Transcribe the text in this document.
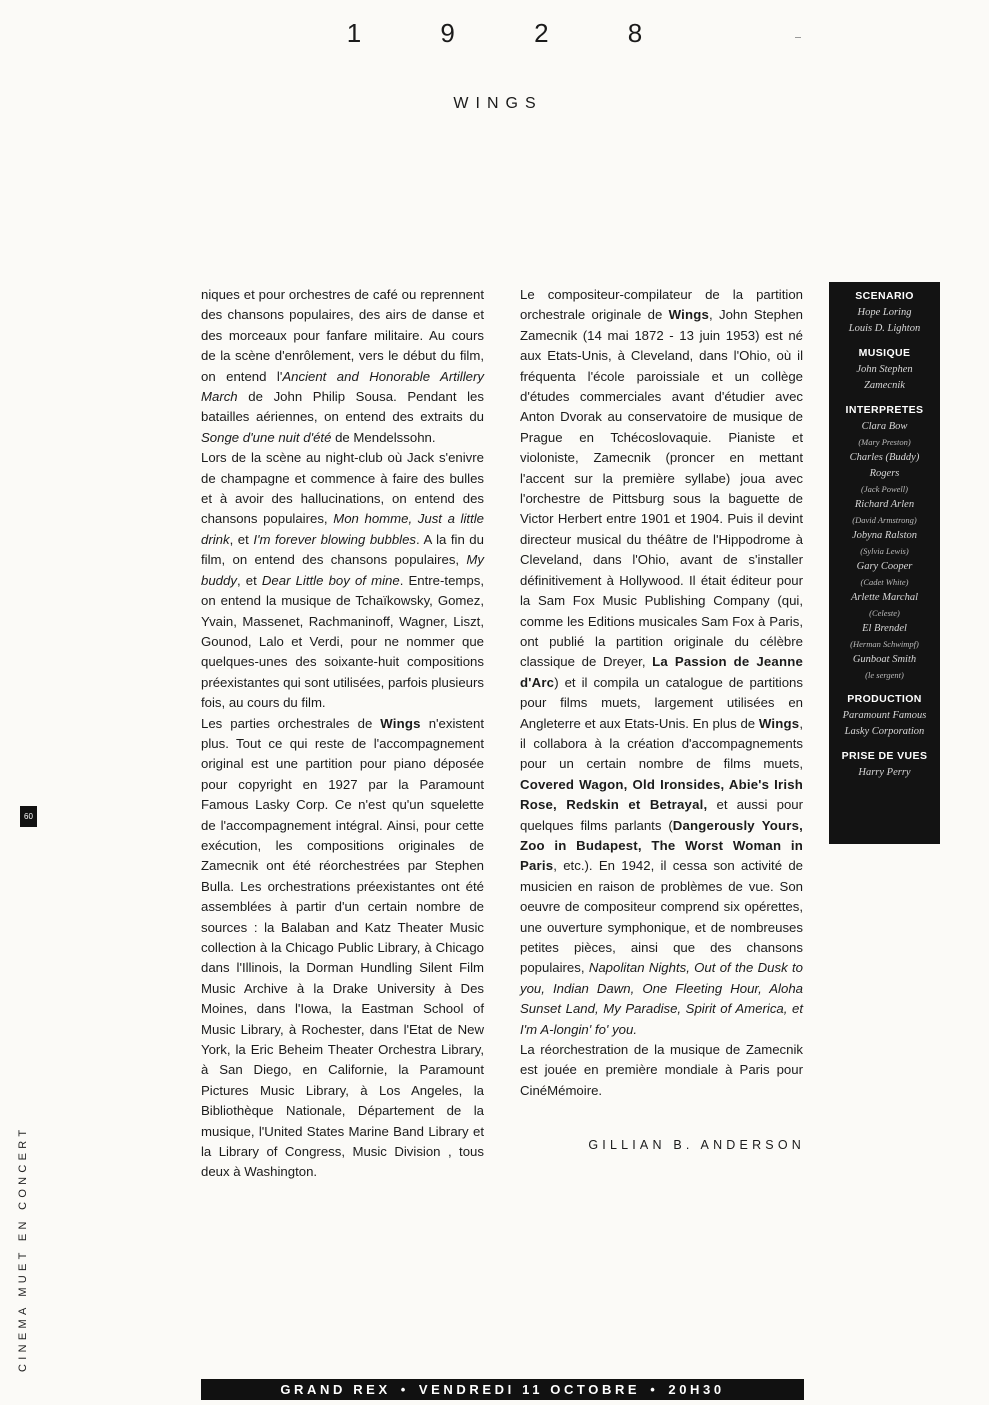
1 9 2 8
WINGS

niques et pour orchestres de café ou reprennent des chansons populaires, des airs de danse et des morceaux pour fanfare militaire. Au cours de la scène d'enrôlement, vers le début du film, on entend l'Ancient and Honorable Artillery March de John Philip Sousa. Pendant les batailles aériennes, on entend des extraits du Songe d'une nuit d'été de Mendelssohn.

Lors de la scène au night-club où Jack s'enivre de champagne et commence à faire des bulles et à avoir des hallucinations, on entend des chansons populaires, Mon homme, Just a little drink, et I'm forever blowing bubbles. A la fin du film, on entend des chansons populaires, My buddy, et Dear Little boy of mine. Entre-temps, on entend la musique de Tchaïkowsky, Gomez, Yvain, Massenet, Rachmaninoff, Wagner, Liszt, Gounod, Lalo et Verdi, pour ne nommer que quelques-unes des soixante-huit compositions préexistantes qui sont utilisées, parfois plusieurs fois, au cours du film.

Les parties orchestrales de Wings n'existent plus. Tout ce qui reste de l'accompagnement original est une partition pour piano déposée pour copyright en 1927 par la Paramount Famous Lasky Corp. Ce n'est qu'un squelette de l'accompagnement intégral. Ainsi, pour cette exécution, les compositions originales de Zamecnik ont été réorchestrées par Stephen Bulla. Les orchestrations préexistantes ont été assemblées à partir d'un certain nombre de sources : la Balaban and Katz Theater Music collection à la Chicago Public Library, à Chicago dans l'Illinois, la Dorman Hundling Silent Film Music Archive à la Drake University à Des Moines, dans l'Iowa, la Eastman School of Music Library, à Rochester, dans l'Etat de New York, la Eric Beheim Theater Orchestra Library, à San Diego, en Californie, la Paramount Pictures Music Library, à Los Angeles, la Bibliothèque Nationale, Département de la musique, l'United States Marine Band Library et la Library of Congress, Music Division , tous deux à Washington.

Le compositeur-compilateur de la partition orchestrale originale de Wings, John Stephen Zamecnik (14 mai 1872 - 13 juin 1953) est né aux Etats-Unis, à Cleveland, dans l'Ohio, où il fréquenta l'école paroissiale et un collège d'études commerciales avant d'étudier avec Anton Dvorak au conservatoire de musique de Prague en Tchécoslovaquie. Pianiste et violoniste, Zamecnik (proncer en mettant l'accent sur la première syllabe) joua avec l'orchestre de Pittsburg sous la baguette de Victor Herbert entre 1901 et 1904. Puis il devint directeur musical du théâtre de l'Hippodrome à Cleveland, dans l'Ohio, avant de s'installer définitivement à Hollywood. Il était éditeur pour la Sam Fox Music Publishing Company (qui, comme les Editions musicales Sam Fox à Paris, ont publié la partition originale du célèbre classique de Dreyer, La Passion de Jeanne d'Arc) et il compila un catalogue de partitions pour films muets, largement utilisées en Angleterre et aux Etats-Unis. En plus de Wings, il collabora à la création d'accompagnements pour un certain nombre de films muets, Covered Wagon, Old Ironsides, Abie's Irish Rose, Redskin et Betrayal, et aussi pour quelques films parlants (Dangerously Yours, Zoo in Budapest, The Worst Woman in Paris, etc.). En 1942, il cessa son activité de musicien en raison de problèmes de vue. Son oeuvre de compositeur comprend six opérettes, une ouverture symphonique, et de nombreuses petites pièces, ainsi que des chansons populaires, Napolitan Nights, Out of the Dusk to you, Indian Dawn, One Fleeting Hour, Aloha Sunset Land, My Paradise, Spirit of America, et I'm A-longin' fo' you.

La réorchestration de la musique de Zamecnik est jouée en première mondiale à Paris pour CinéMémoire.

GILLIAN B. ANDERSON
SCENARIO
Hope Loring
Louis D. Lighton
MUSIQUE
John Stephen
Zamecnik
INTERPRETES
Clara Bow
(Mary Preston)
Charles (Buddy)
Rogers
(Jack Powell)
Richard Arlen
(David Armstrong)
Jobyna Ralston
(Sylvia Lewis)
Gary Cooper
(Cadet White)
Arlette Marchal
(Celeste)
El Brendel
(Herman Schwimpf)
Gunboat Smith
(le sergent)
PRODUCTION
Paramount Famous
Lasky Corporation
PRISE DE VUES
Harry Perry
60
CINEMA MUET EN CONCERT
GRAND REX • VENDREDI 11 OCTOBRE • 20H30
